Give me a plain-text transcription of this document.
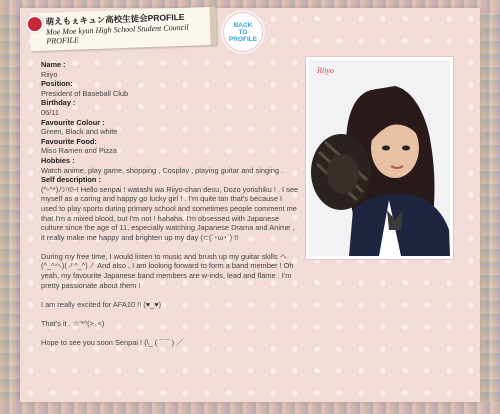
萌えもぇキュン高校生徒会PROFILE
Moe Moe kyun High School Student Council
PROFILE
BACK
TO
PROFILE
Name :
Riiyo
Position:
President of Baseball Club
Birthday :
06/11
Favourite Colour :
Green, Black and white
Favourite Food:
Miso Ramen and Pizza
Hobbies :
Watch anime, play game, shopping , Cosplay , playing guitar and singing .
Self description :
(^-^*)ﾉｼﾊﾛｰ! Hello senpai ! watashi wa Riiyo-chan desu, Dozo yorishiku ! . I see myself as a caring and happy go lucky girl ! . I'm quite tan that's because I used to play sports during primary school and sometimes people comment me that I'm a mixed blood, but I'm not ! hahaha. I'm obsessed with Japanese culture since the age of 11, especially watching Japanese Drama and Anime , it really make me happy and brighten up my day (⊂(´･ω･`) !!
During my free time, I would listen to music and brush up my guitar skills ヘ(^_^ヘ)(ノ^_^)ノ And also , I am looking forward to form a band member ! Oh yeah, my favourite Japanese band members are w-inds, lead and flame . I'm pretty passionate about them !
I am really excited for AFA10 !! (♥_♥)
That's it . ☆'*^(>｡<)
Hope to see you soon Senpai ! (\_ ( ¯ ¯ ) ／
Riiyo
